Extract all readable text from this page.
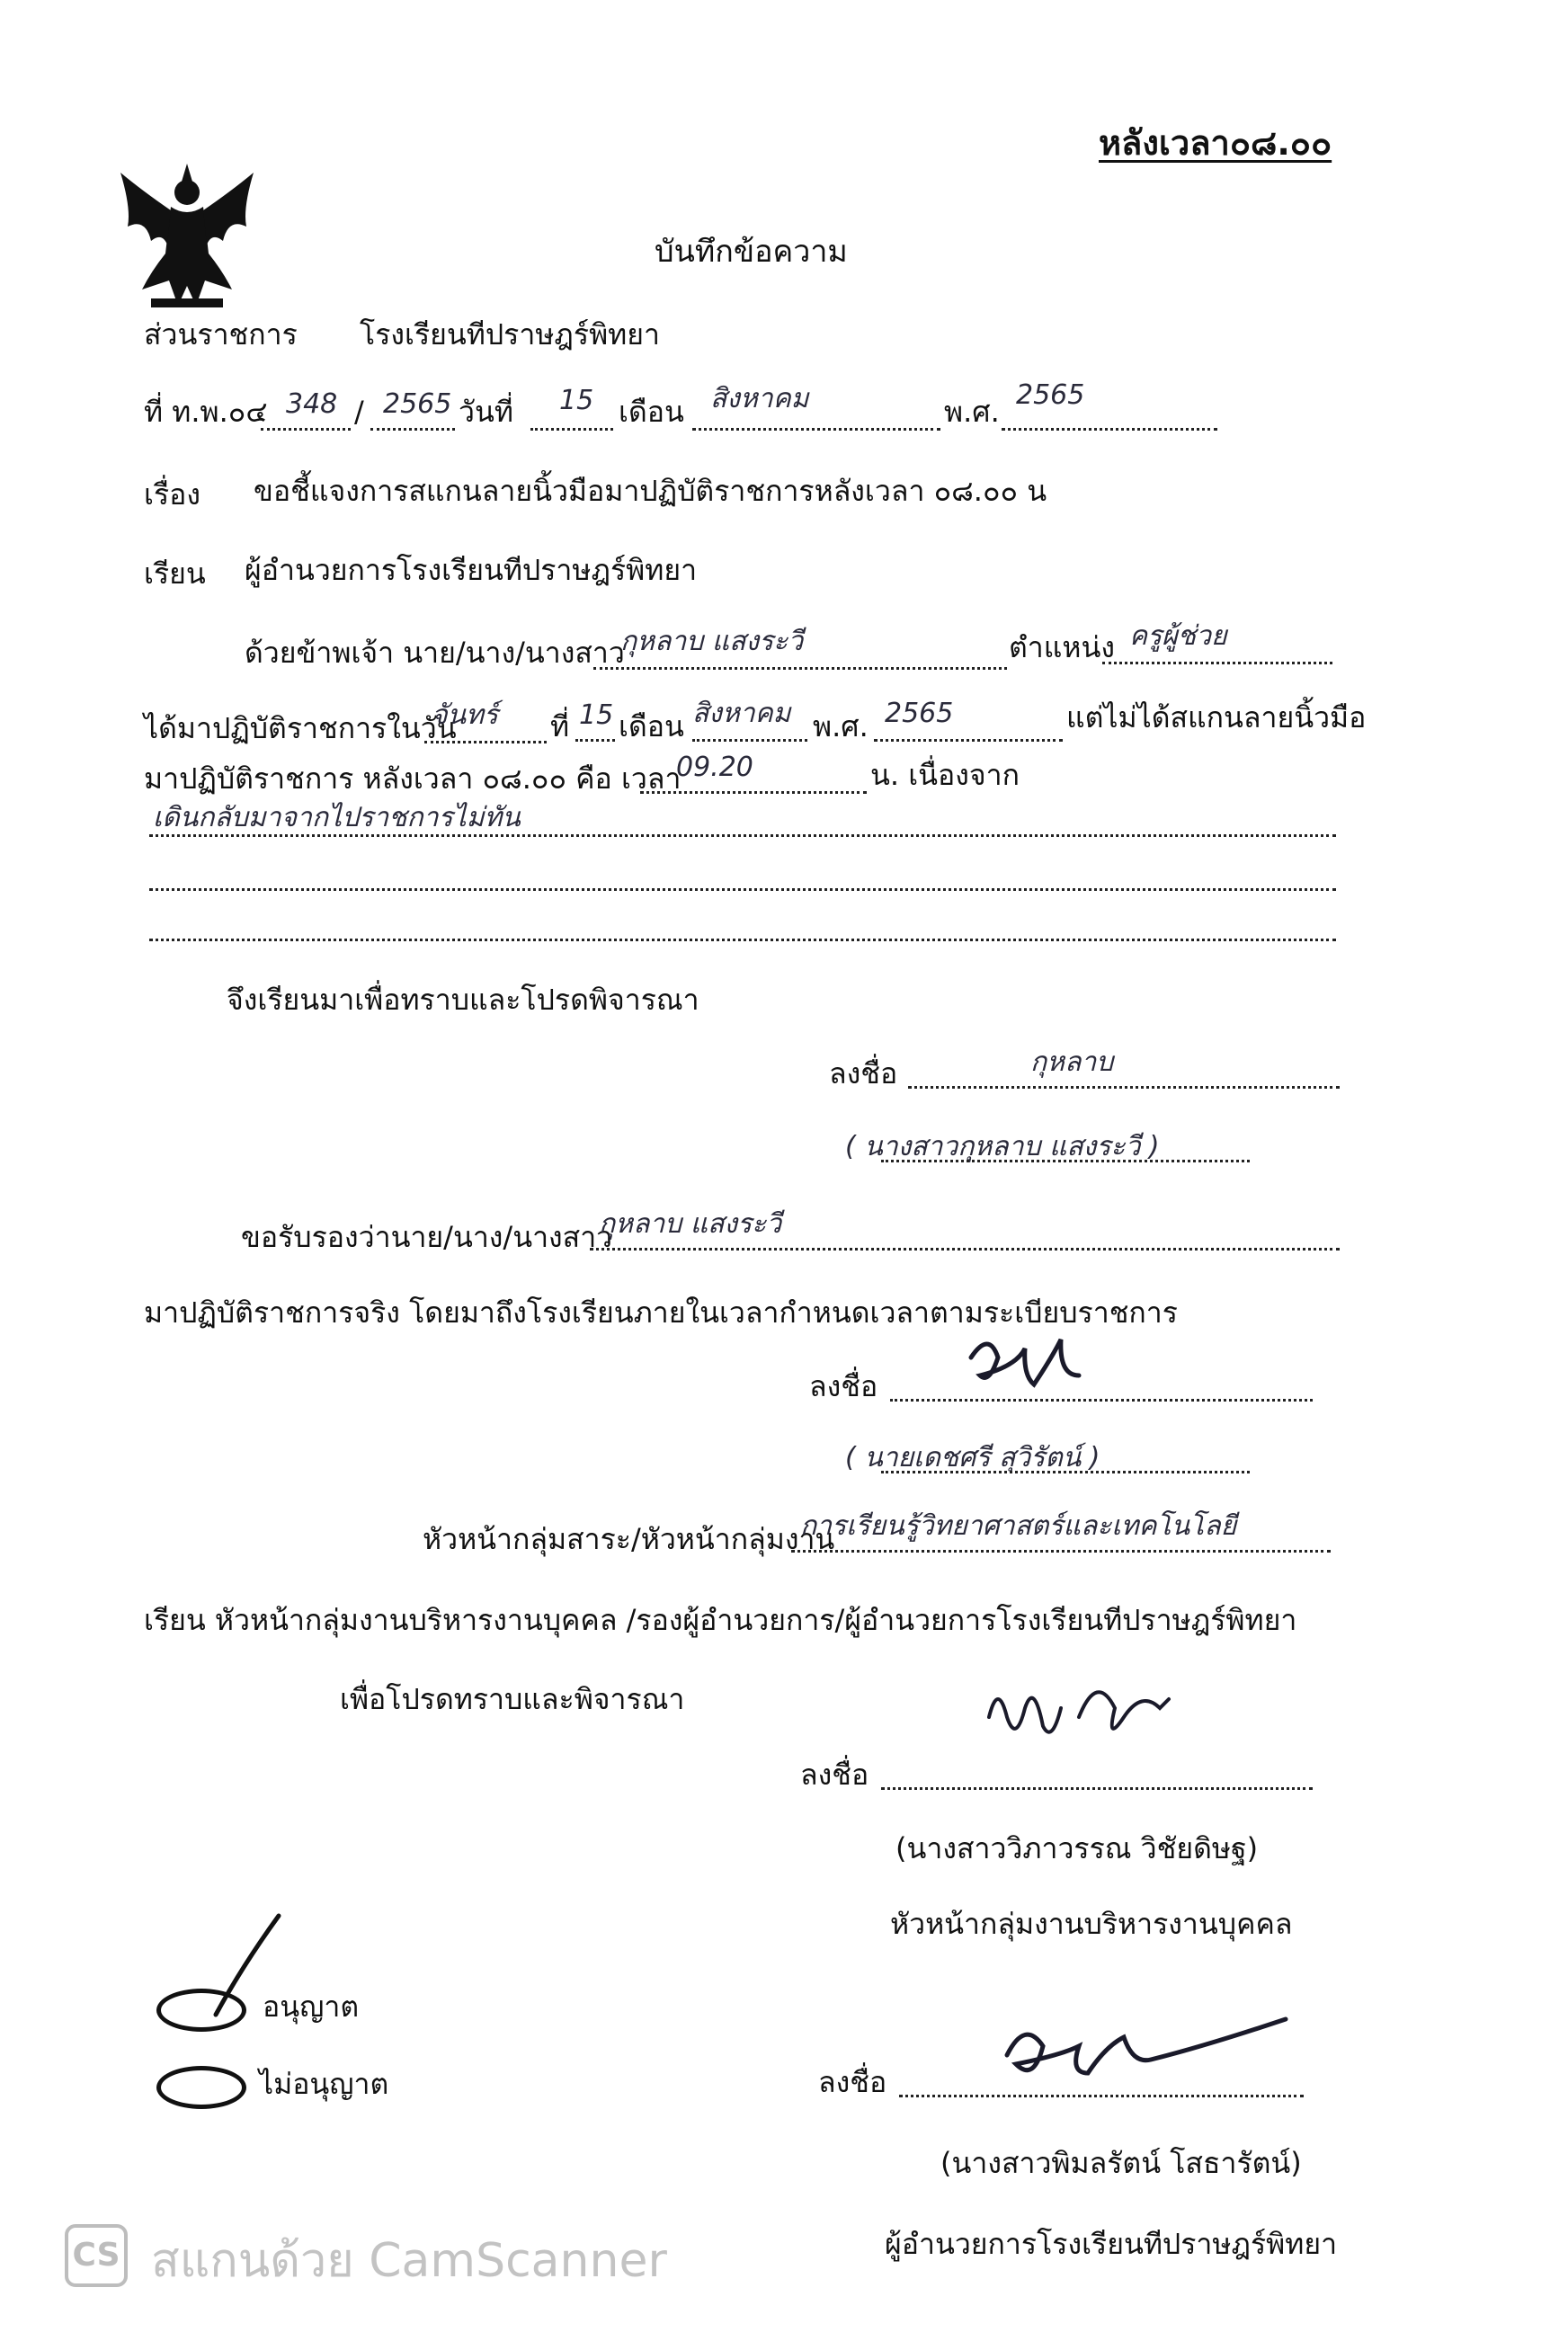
หลังเวลา๐๘.๐๐
บันทึกข้อความ
ส่วนราชการ โรงเรียนทีปราษฎร์พิทยา
ที่ ท.พ.๐๔ 348 / 2565 วันที่ 15 เดือน สิงหาคม	พ.ศ. 2565
เรื่อง ขอชี้แจงการสแกนลายนิ้วมือมาปฏิบัติราชการหลังเวลา ๐๘.๐๐ น
เรียน ผู้อำนวยการโรงเรียนทีปราษฎร์พิทยา
ด้วยข้าพเจ้า นาย/นาง/นางสาว
กุหลาบ แสงระวี	ตำแหน่ง ครูผู้ช่วย
ได้มาปฏิบัติราชการในวัน
จันทร์ ที่ 15 เดือน สิงหาคม พ.ศ. 2565	แต่ไม่ได้สแกนลายนิ้วมือ
มาปฏิบัติราชการ หลังเวลา ๐๘.๐๐ คือ เวลา
09.20	น. เนื่องจาก
เดินกลับมาจากไปราชการไม่ทัน
จึงเรียนมาเพื่อทราบและโปรดพิจารณา
ลงชื่อ	กุหลาบ
( นางสาวกุหลาบ แสงระวี )
ขอรับรองว่านาย/นาง/นางสาว
กุหลาบ แสงระวี
มาปฏิบัติราชการจริง โดยมาถึงโรงเรียนภายในเวลากำหนดเวลาตามระเบียบราชการ
ลงชื่อ
( นายเดชศรี สุวิรัตน์ )
หัวหน้ากลุ่มสาระ/หัวหน้ากลุ่มงาน
การเรียนรู้วิทยาศาสตร์และเทคโนโลยี
เรียน หัวหน้ากลุ่มงานบริหารงานบุคคล /รองผู้อำนวยการ/ผู้อำนวยการโรงเรียนทีปราษฎร์พิทยา
เพื่อโปรดทราบและพิจารณา
ลงชื่อ
(นางสาววิภาวรรณ วิชัยดิษฐ)
หัวหน้ากลุ่มงานบริหารงานบุคคล
อนุญาต
ไม่อนุญาต	ลงชื่อ
(นางสาวพิมลรัตน์ โสธารัตน์)
ผู้อำนวยการโรงเรียนทีปราษฎร์พิทยา
CS สแกนด้วย CamScanner
